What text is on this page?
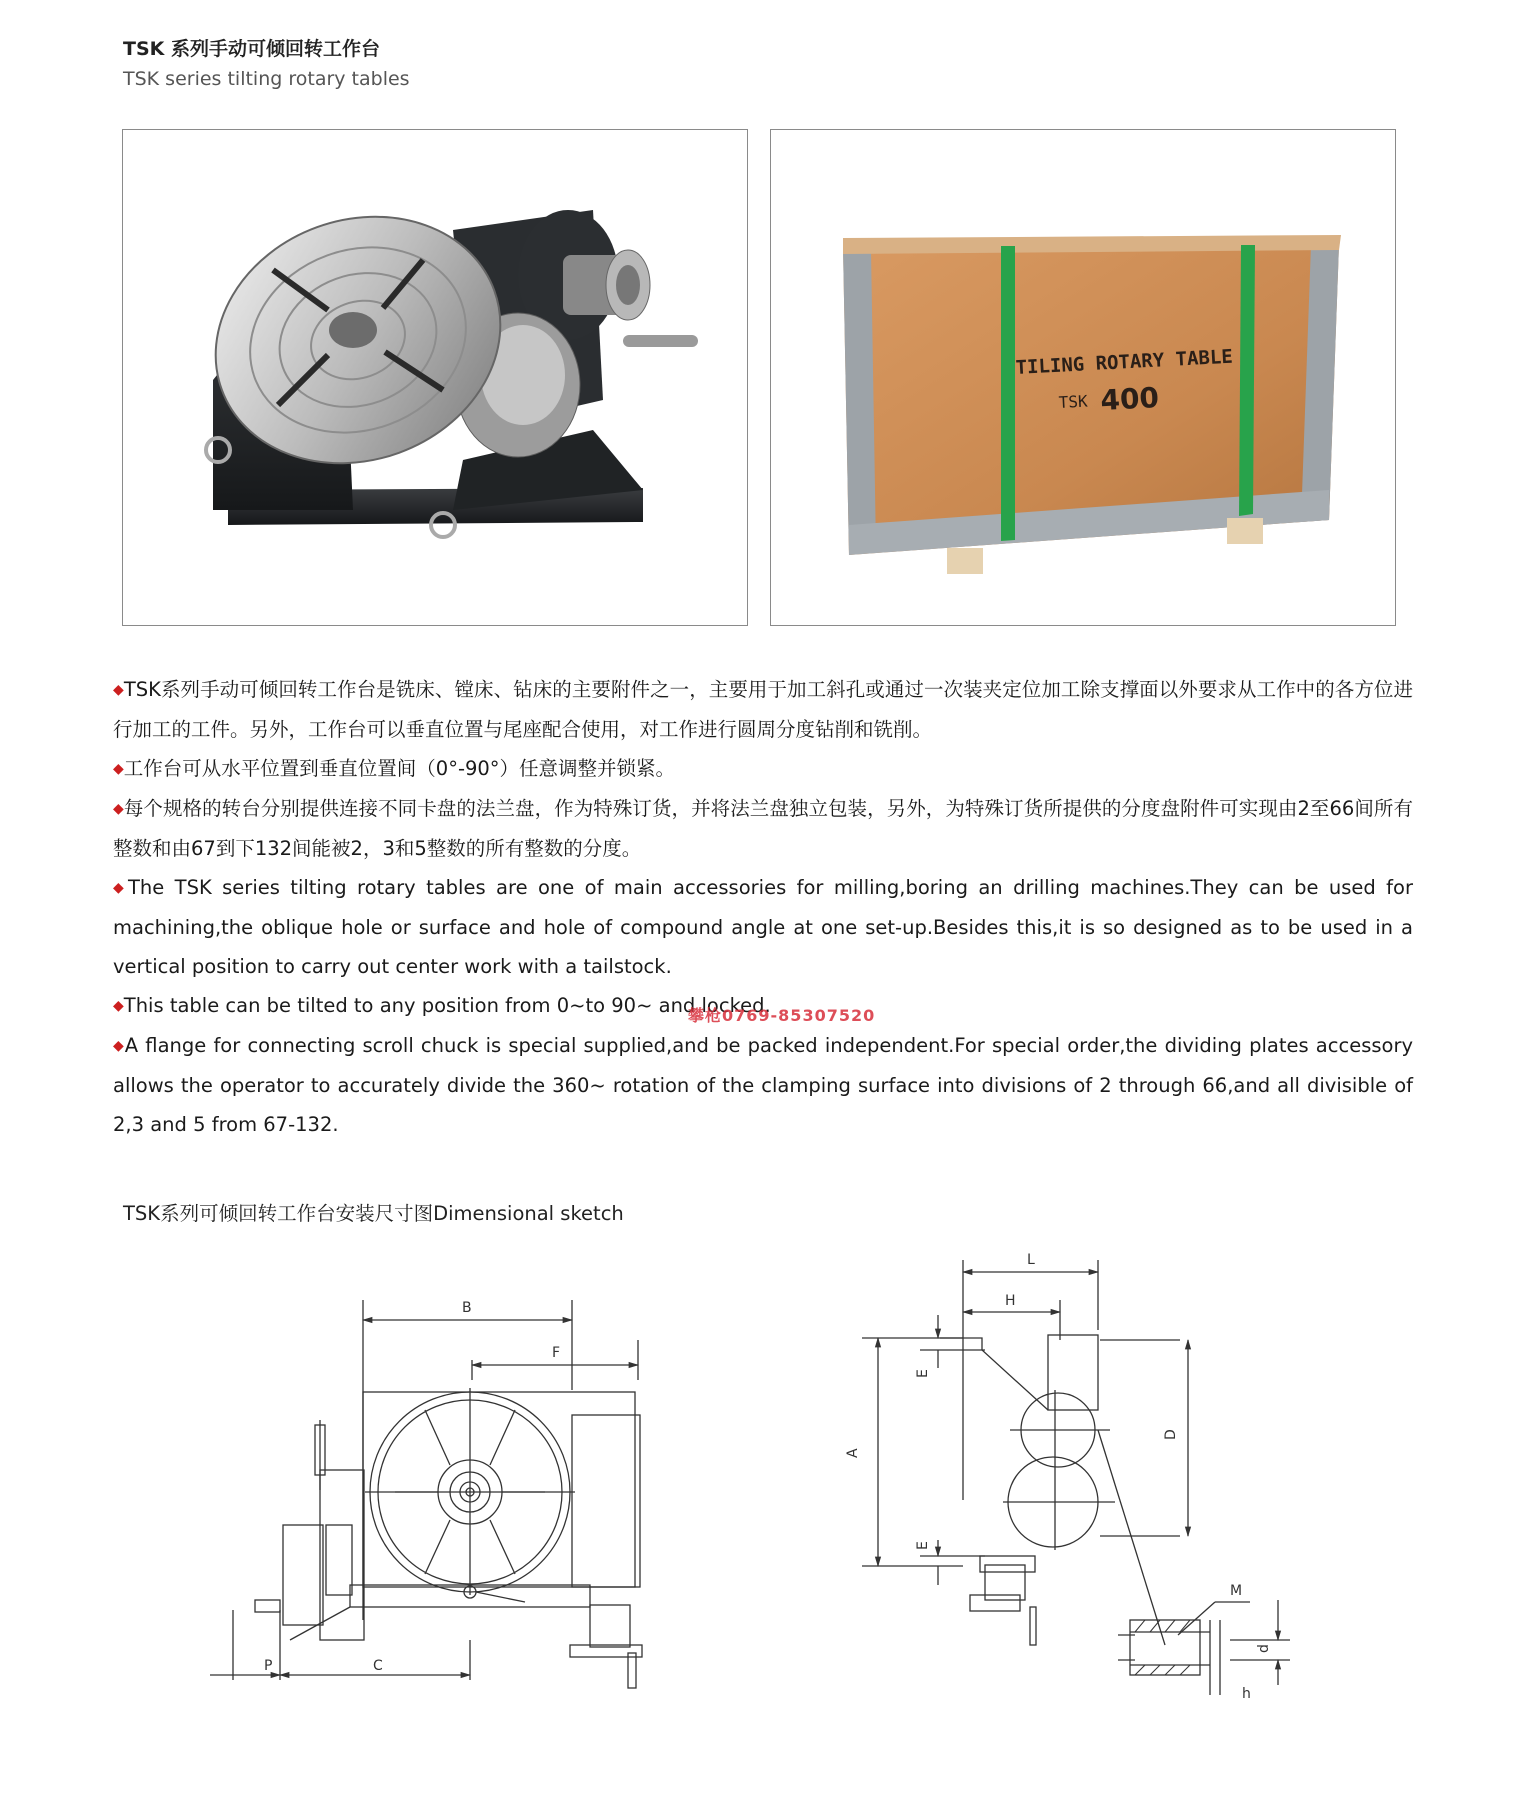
TSK 系列手动可倾回转工作台
TSK series tilting rotary tables
TILING ROTARY TABLE
TSK 400

◆TSK系列手动可倾回转工作台是铣床、镗床、钻床的主要附件之一，主要用于加工斜孔或通过一次装夹定位加工除支撑面以外要求从工作中的各方位进行加工的工件。另外，工作台可以垂直位置与尾座配合使用，对工作进行圆周分度钻削和铣削。

◆工作台可从水平位置到垂直位置间（0°-90°）任意调整并锁紧。

◆每个规格的转台分别提供连接不同卡盘的法兰盘，作为特殊订货，并将法兰盘独立包装，另外，为特殊订货所提供的分度盘附件可实现由2至66间所有整数和由67到下132间能被2，3和5整数的所有整数的分度。

◆The TSK series tilting rotary tables are one of main accessories for milling,boring an drilling machines.They can be used for machining,the oblique hole or surface and hole of compound angle at one set-up.Besides this,it is so designed as to be used in a vertical position to carry out center work with a tailstock.

◆This table can be tilted to any position from 0~to 90~ and locked.

◆A flange for connecting scroll chuck is special supplied,and be packed independent.For special order,the dividing plates accessory allows the operator to accurately divide the 360~ rotation of the clamping surface into divisions of 2 through 66,and all divisible of 2,3 and 5 from 67-132.

攀枪0769-85307520
TSK系列可倾回转工作台安装尺寸图Dimensional sketch
B
F
P	C
L
H
A
D
E
E
M
d
h
